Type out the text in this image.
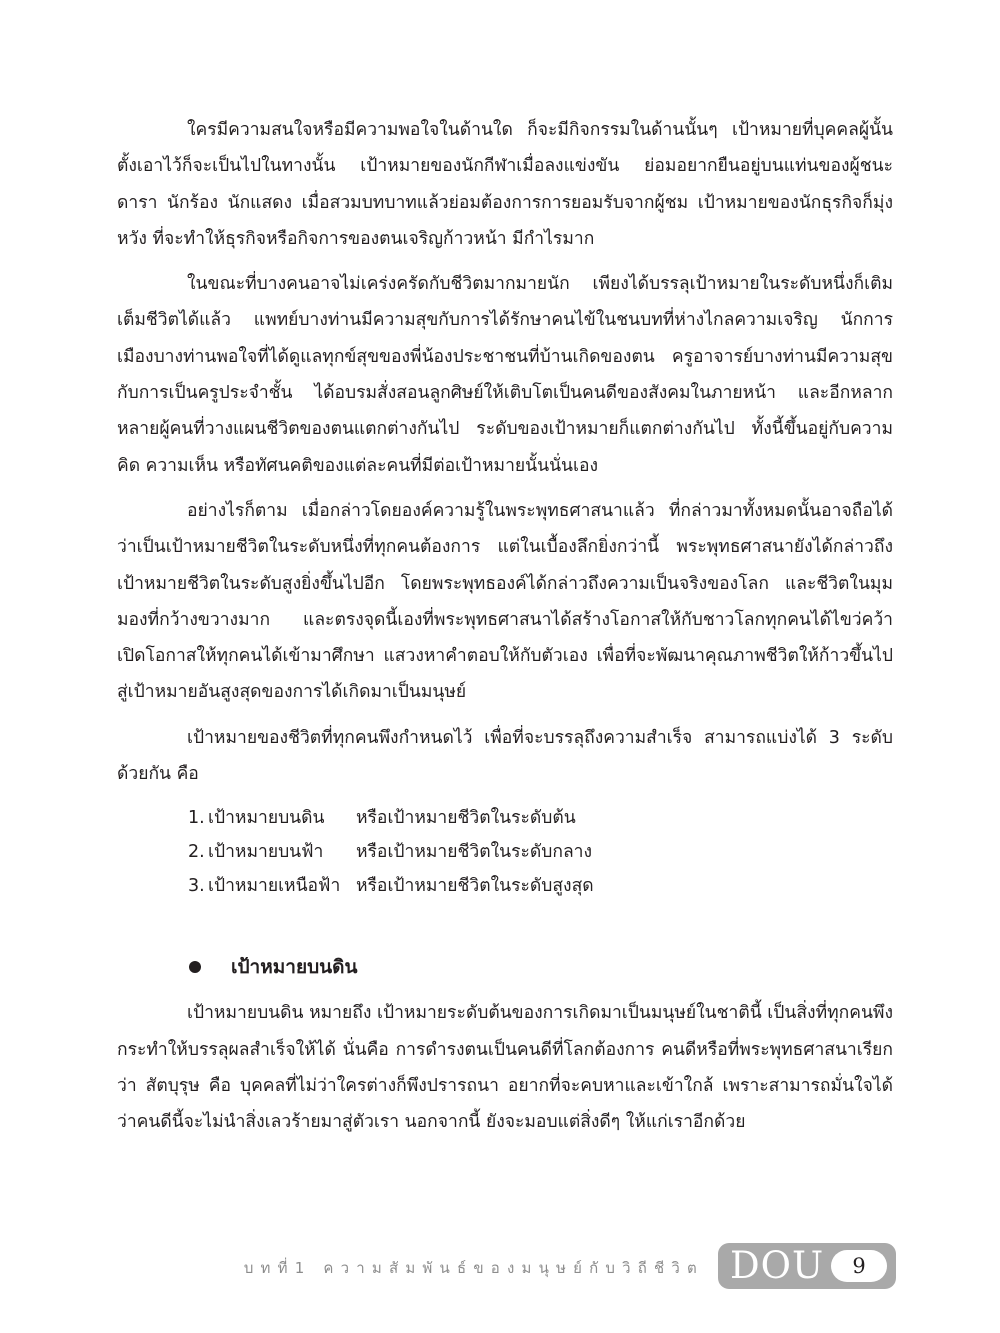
ใครมีความสนใจหรือมีความพอใจในด้านใด ก็จะมีกิจกรรมในด้านนั้นๆ เป้าหมายที่บุคคลผู้นั้นตั้งเอาไว้ก็จะเป็นไปในทางนั้น เป้าหมายของนักกีฬาเมื่อลงแข่งขัน ย่อมอยากยืนอยู่บนแท่นของผู้ชนะ ดารา นักร้อง นักแสดง เมื่อสวมบทบาทแล้วย่อมต้องการการยอมรับจากผู้ชม เป้าหมายของนักธุรกิจก็มุ่งหวัง ที่จะทำให้ธุรกิจหรือกิจการของตนเจริญก้าวหน้า มีกำไรมาก

ในขณะที่บางคนอาจไม่เคร่งครัดกับชีวิตมากมายนัก เพียงได้บรรลุเป้าหมายในระดับหนึ่งก็เติมเต็มชีวิตได้แล้ว แพทย์บางท่านมีความสุขกับการได้รักษาคนไข้ในชนบทที่ห่างไกลความเจริญ นักการเมืองบางท่านพอใจที่ได้ดูแลทุกข์สุขของพี่น้องประชาชนที่บ้านเกิดของตน ครูอาจารย์บางท่านมีความสุขกับการเป็นครูประจำชั้น ได้อบรมสั่งสอนลูกศิษย์ให้เติบโตเป็นคนดีของสังคมในภายหน้า และอีกหลากหลายผู้คนที่วางแผนชีวิตของตนแตกต่างกันไป ระดับของเป้าหมายก็แตกต่างกันไป ทั้งนี้ขึ้นอยู่กับความคิด ความเห็น หรือทัศนคติของแต่ละคนที่มีต่อเป้าหมายนั้นนั่นเอง

อย่างไรก็ตาม เมื่อกล่าวโดยองค์ความรู้ในพระพุทธศาสนาแล้ว ที่กล่าวมาทั้งหมดนั้นอาจถือได้ว่าเป็นเป้าหมายชีวิตในระดับหนึ่งที่ทุกคนต้องการ แต่ในเบื้องลึกยิ่งกว่านี้ พระพุทธศาสนายังได้กล่าวถึงเป้าหมายชีวิตในระดับสูงยิ่งขึ้นไปอีก โดยพระพุทธองค์ได้กล่าวถึงความเป็นจริงของโลก และชีวิตในมุมมองที่กว้างขวางมาก และตรงจุดนี้เองที่พระพุทธศาสนาได้สร้างโอกาสให้กับชาวโลกทุกคนได้ไขว่คว้าเปิดโอกาสให้ทุกคนได้เข้ามาศึกษา แสวงหาคำตอบให้กับตัวเอง เพื่อที่จะพัฒนาคุณภาพชีวิตให้ก้าวขึ้นไปสู่เป้าหมายอันสูงสุดของการได้เกิดมาเป็นมนุษย์

เป้าหมายของชีวิตที่ทุกคนพึงกำหนดไว้ เพื่อที่จะบรรลุถึงความสำเร็จ สามารถแบ่งได้ 3 ระดับด้วยกัน คือ

1. เป้าหมายบนดิน	หรือเป้าหมายชีวิตในระดับต้น
2. เป้าหมายบนฟ้า	หรือเป้าหมายชีวิตในระดับกลาง
3. เป้าหมายเหนือฟ้า หรือเป้าหมายชีวิตในระดับสูงสุด
เป้าหมายบนดิน

เป้าหมายบนดิน หมายถึง เป้าหมายระดับต้นของการเกิดมาเป็นมนุษย์ในชาตินี้ เป็นสิ่งที่ทุกคนพึงกระทำให้บรรลุผลสำเร็จให้ได้ นั่นคือ การดำรงตนเป็นคนดีที่โลกต้องการ คนดีหรือที่พระพุทธศาสนาเรียกว่า สัตบุรุษ คือ บุคคลที่ไม่ว่าใครต่างก็พึงปรารถนา อยากที่จะคบหาและเข้าใกล้ เพราะสามารถมั่นใจได้ว่าคนดีนี้จะไม่นำสิ่งเลวร้ายมาสู่ตัวเรา นอกจากนี้ ยังจะมอบแต่สิ่งดีๆ ให้แก่เราอีกด้วย

บทที่1 ความสัมพันธ์ของมนุษย์กับวิถีชีวิต DOU	9
